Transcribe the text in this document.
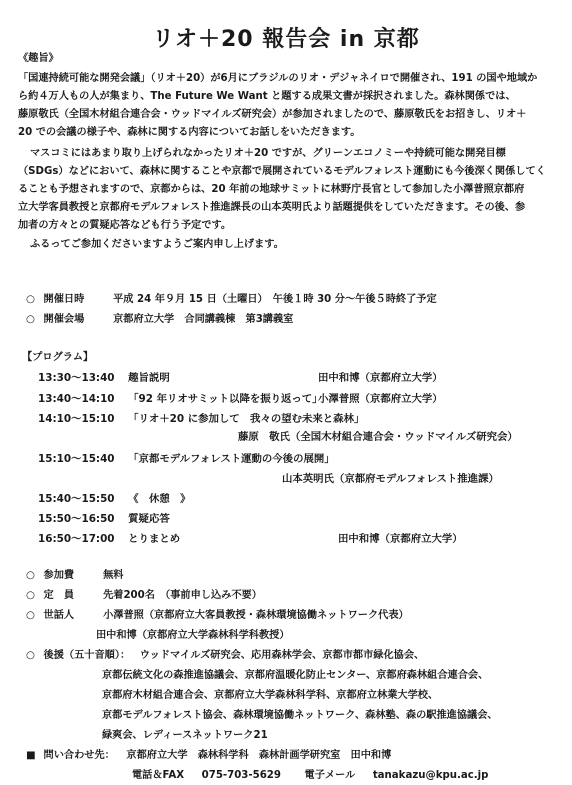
リオ＋20 報告会 in 京都
《趣旨》
「国連持続可能な開発会議」（リオ＋20）が6月にブラジルのリオ・デジャネイロで開催され、191 の国や地域か
ら約４万人もの人が集まり、The Future We Want と題する成果文書が採択されました。森林関係では、
藤原敬氏（全国木材組合連合会・ウッドマイルズ研究会）が参加されましたので、藤原敬氏をお招きし、リオ＋
20 での会議の様子や、森林に関する内容についてお話しをいただきます。
マスコミにはあまり取り上げられなかったリオ＋20 ですが、グリーンエコノミーや持続可能な開発目標
（SDGs）などにおいて、森林に関することや京都で展開されているモデルフォレスト運動にも今後深く関係してく
ることも予想されますので、京都からは、20 年前の地球サミットに林野庁長官として参加した小澤普照京都府
立大学客員教授と京都府モデルフォレスト推進課長の山本英明氏より話題提供をしていただきます。その後、参
加者の方々との質疑応答なども行う予定です。
ふるってご参加くださいますようご案内申し上げます。
○ 開催日時	平成 24 年９月 15 日（土曜日）　午後１時 30 分～午後５時終了予定
○ 開催会場	京都府立大学　合同講義棟　第3講義室
【プログラム】
13:30～13:40 趣旨説明	田中和博（京都府立大学）
13:40～14:10 「92 年リオサミット以降を振り返って」
小澤普照（京都府立大学）
14:10～15:10 「リオ＋20 に参加して　我々の望む未来と森林」
藤原　敬氏（全国木材組合連合会・ウッドマイルズ研究会）
15:10～15:40 「京都モデルフォレスト運動の今後の展開」
山本英明氏（京都府モデルフォレスト推進課）
15:40～15:50 《　休憩　》
15:50～16:50 質疑応答
16:50～17:00 とりまとめ	田中和博（京都府立大学）
○ 参加費	無料
○ 定　員	先着200名　（事前申し込み不要）
○ 世話人	小澤普照（京都府立大客員教授・森林環境協働ネットワーク代表）
田中和博（京都府立大学森林科学科教授）
○ 後援（五十音順）： ウッドマイルズ研究会、応用森林学会、京都市都市緑化協会、
京都伝統文化の森推進協議会、京都府温暖化防止センター、京都府森林組合連合会、
京都府木材組合連合会、京都府立大学森林科学科、京都府立林業大学校、
京都モデルフォレスト協会、森林環境協働ネットワーク、森林塾、森の駅推進協議会、
緑爽会、レディースネットワーク21
■ 問い合わせ先： 京都府立大学　森林科学科　森林計画学研究室　田中和博
電話＆FAX 075-703-5629 電子メール tanakazu@kpu.ac.jp
